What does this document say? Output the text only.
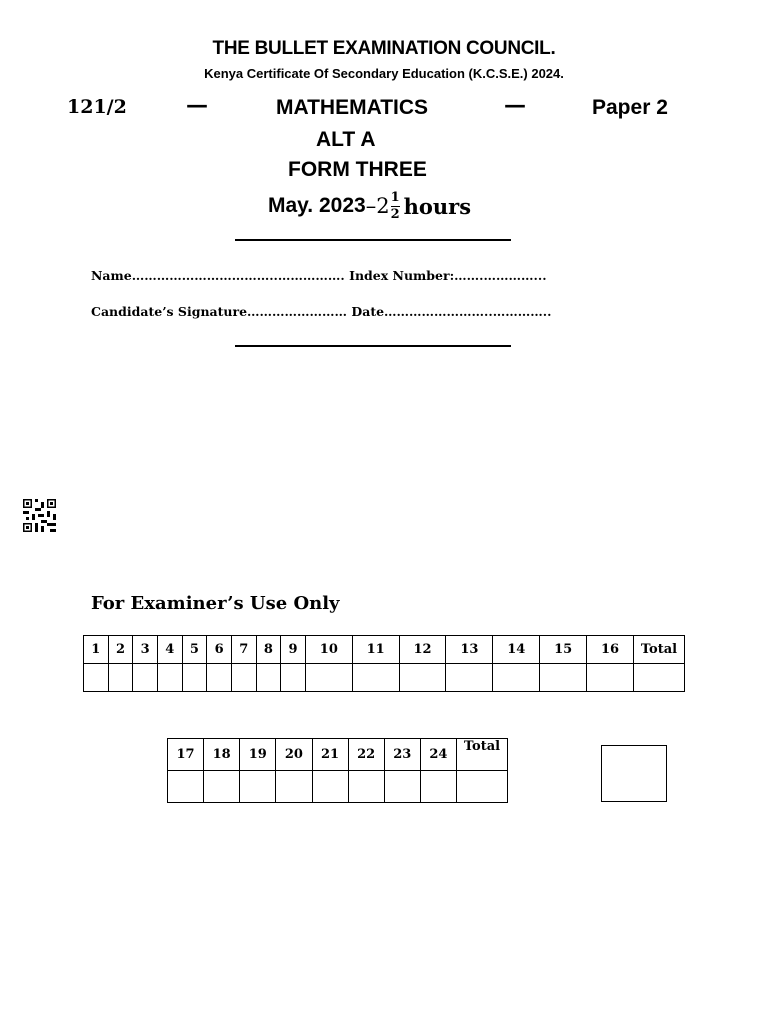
THE BULLET EXAMINATION COUNCIL.
Kenya Certificate Of Secondary Education (K.C.S.E.) 2024.
121/2	—	MATHEMATICS	—	Paper 2
ALT A
FORM THREE
May. $2023 - 2 \frac{1}{2}$ hours
Name……………………………..……………. Index Number:…….…………...
Candidate’s Signature…………………… Date……………………..…………..
For Examiner’s Use Only
1	2	3	4	5	6	7	8	9	10	11	12	13	14	15	16	Total

17	18	19	20	21	22	23	24	Total
